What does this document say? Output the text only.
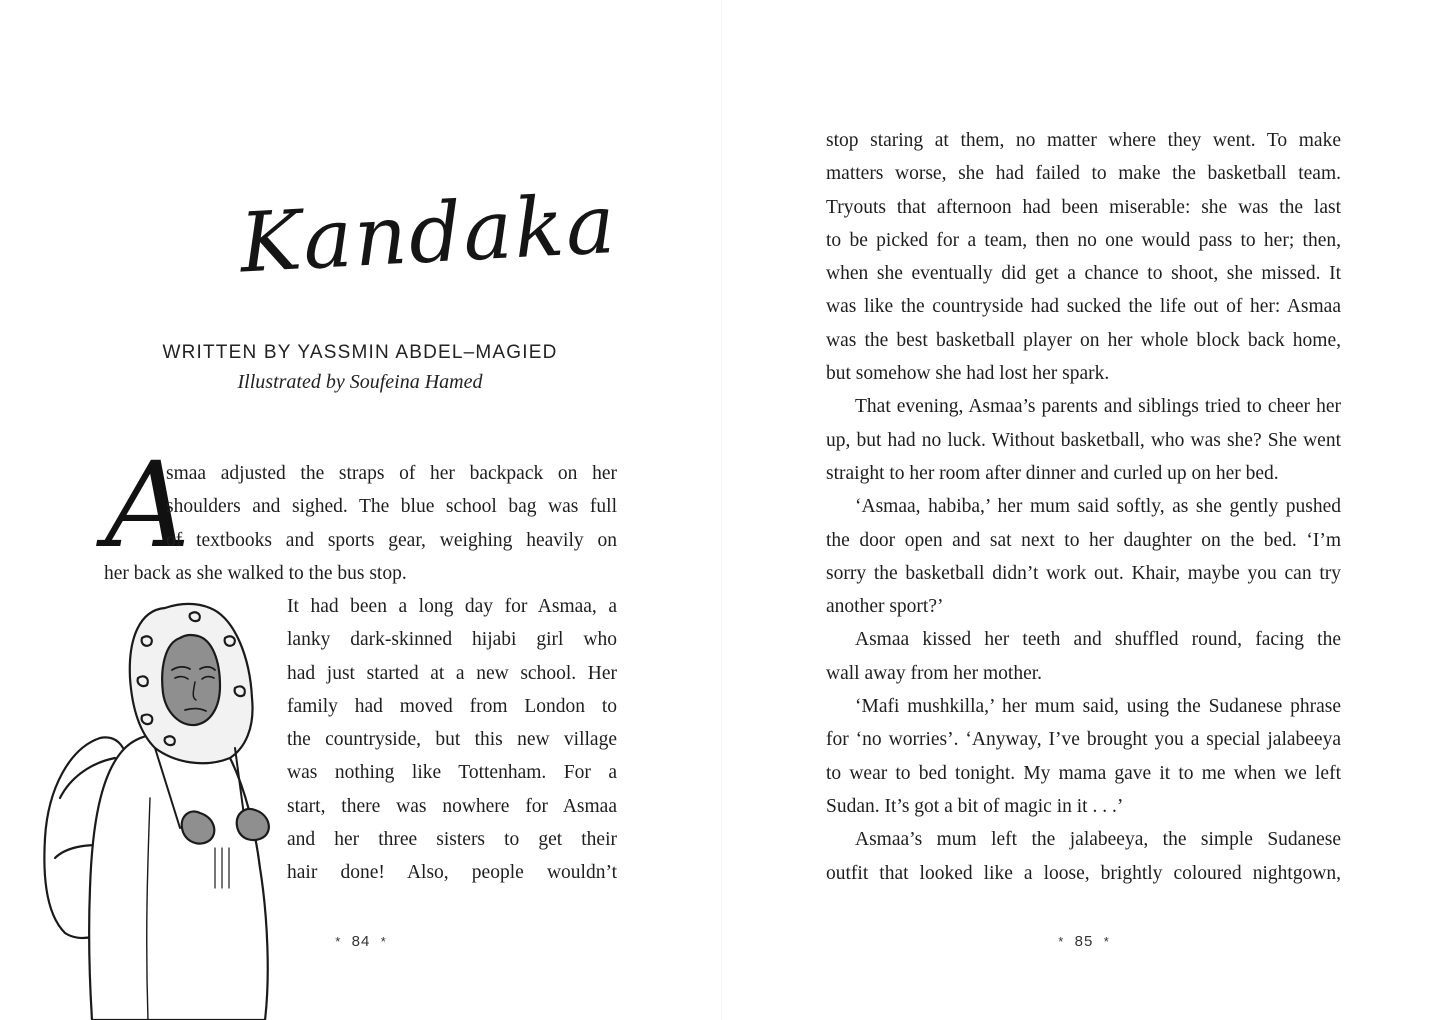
Kandaka
WRITTEN BY YASSMIN ABDEL–MAGIED
Illustrated by Soufeina Hamed
A
smaa adjusted the straps of her backpack on her
shoulders and sighed. The blue school bag was full
of textbooks and sports gear, weighing heavily on
her back as she walked to the bus stop.
It had been a long day for Asmaa, a
lanky dark-skinned hijabi girl who
had just started at a new school. Her
family had moved from London to
the countryside, but this new village
was nothing like Tottenham. For a
start, there was nowhere for Asmaa
and her three sisters to get their
hair done! Also, people wouldn’t
* 84 *
stop staring at them, no matter where they went. To make
matters worse, she had failed to make the basketball team.
Tryouts that afternoon had been miserable: she was the last
to be picked for a team, then no one would pass to her; then,
when she eventually did get a chance to shoot, she missed. It
was like the countryside had sucked the life out of her: Asmaa
was the best basketball player on her whole block back home,
but somehow she had lost her spark.
That evening, Asmaa’s parents and siblings tried to cheer her
up, but had no luck. Without basketball, who was she? She went
straight to her room after dinner and curled up on her bed.
‘Asmaa, habiba,’ her mum said softly, as she gently pushed
the door open and sat next to her daughter on the bed. ‘I’m
sorry the basketball didn’t work out. Khair, maybe you can try
another sport?’
Asmaa kissed her teeth and shuffled round, facing the
wall away from her mother.
‘Mafi mushkilla,’ her mum said, using the Sudanese phrase
for ‘no worries’. ‘Anyway, I’ve brought you a special jalabeeya
to wear to bed tonight. My mama gave it to me when we left
Sudan. It’s got a bit of magic in it . . .’
Asmaa’s mum left the jalabeeya, the simple Sudanese
outfit that looked like a loose, brightly coloured nightgown,
* 85 *
